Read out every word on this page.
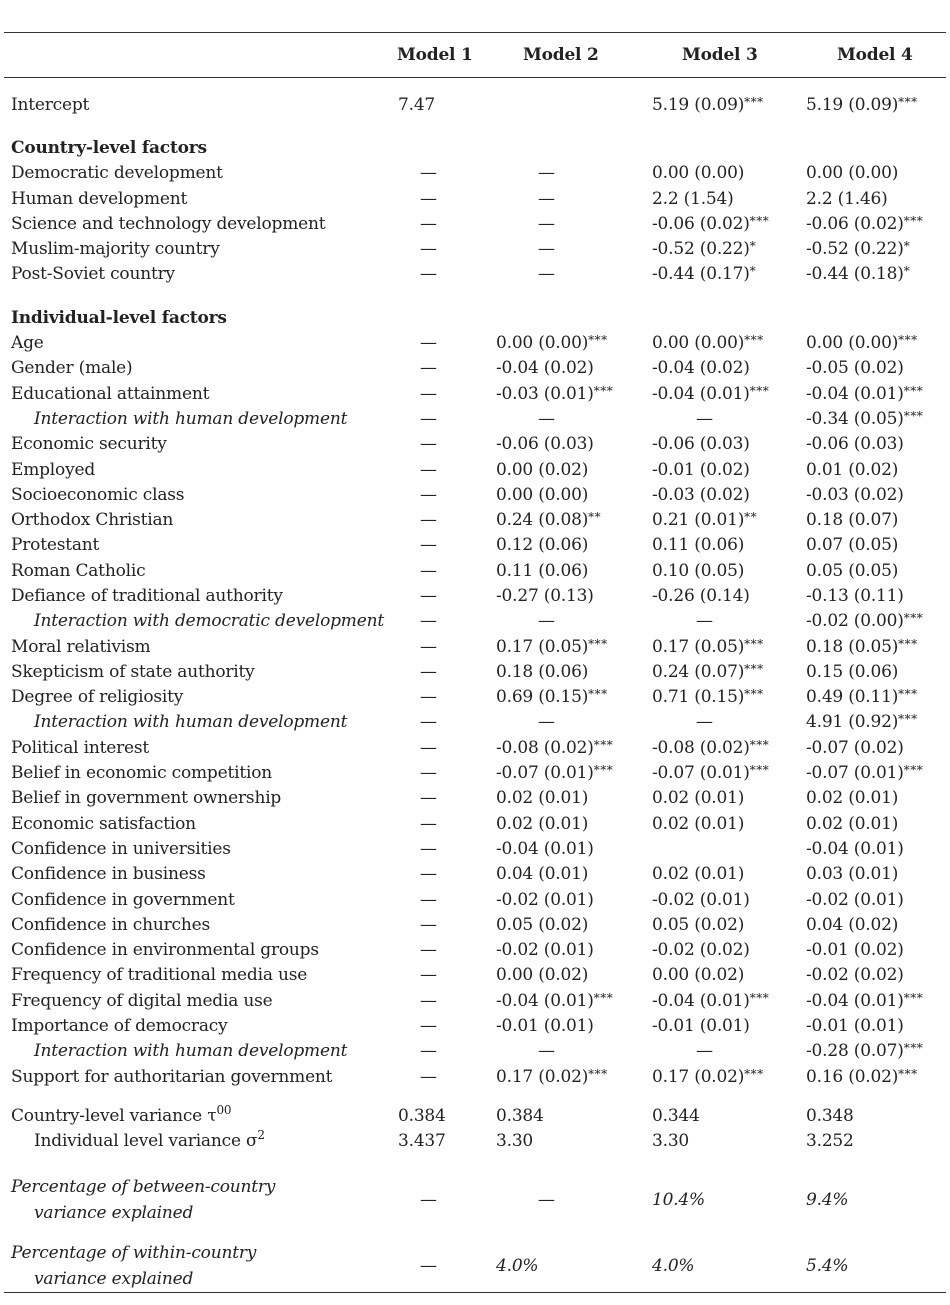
	Model 1	Model 2	Model 3	Model 4

Intercept	7.47		5.19 (0.09)***	5.19 (0.09)***

Country-level factors				
Democratic development	—	—	0.00 (0.00)	0.00 (0.00)
Human development	—	—	2.2 (1.54)	2.2 (1.46)
Science and technology development	—	—	-0.06 (0.02)***	-0.06 (0.02)***
Muslim-majority country	—	—	-0.52 (0.22)*	-0.52 (0.22)*
Post-Soviet country	—	—	-0.44 (0.17)*	-0.44 (0.18)*

Individual-level factors				
Age	—	0.00 (0.00)***	0.00 (0.00)***	0.00 (0.00)***
Gender (male)	—	-0.04 (0.02)	-0.04 (0.02)	-0.05 (0.02)
Educational attainment	—	-0.03 (0.01)***	-0.04 (0.01)***	-0.04 (0.01)***
Interaction with human development	—	—	—	-0.34 (0.05)***
Economic security	—	-0.06 (0.03)	-0.06 (0.03)	-0.06 (0.03)
Employed	—	0.00 (0.02)	-0.01 (0.02)	0.01 (0.02)
Socioeconomic class	—	0.00 (0.00)	-0.03 (0.02)	-0.03 (0.02)
Orthodox Christian	—	0.24 (0.08)**	0.21 (0.01)**	0.18 (0.07)
Protestant	—	0.12 (0.06)	0.11 (0.06)	0.07 (0.05)
Roman Catholic	—	0.11 (0.06)	0.10 (0.05)	0.05 (0.05)
Defiance of traditional authority	—	-0.27 (0.13)	-0.26 (0.14)	-0.13 (0.11)
Interaction with democratic development	—	—	—	-0.02 (0.00)***
Moral relativism	—	0.17 (0.05)***	0.17 (0.05)***	0.18 (0.05)***
Skepticism of state authority	—	0.18 (0.06)	0.24 (0.07)***	0.15 (0.06)
Degree of religiosity	—	0.69 (0.15)***	0.71 (0.15)***	0.49 (0.11)***
Interaction with human development	—	—	—	4.91 (0.92)***
Political interest	—	-0.08 (0.02)***	-0.08 (0.02)***	-0.07 (0.02)
Belief in economic competition	—	-0.07 (0.01)***	-0.07 (0.01)***	-0.07 (0.01)***
Belief in government ownership	—	0.02 (0.01)	0.02 (0.01)	0.02 (0.01)
Economic satisfaction	—	0.02 (0.01)	0.02 (0.01)	0.02 (0.01)
Confidence in universities	—	-0.04 (0.01)		-0.04 (0.01)
Confidence in business	—	0.04 (0.01)	0.02 (0.01)	0.03 (0.01)
Confidence in government	—	-0.02 (0.01)	-0.02 (0.01)	-0.02 (0.01)
Confidence in churches	—	0.05 (0.02)	0.05 (0.02)	0.04 (0.02)
Confidence in environmental groups	—	-0.02 (0.01)	-0.02 (0.02)	-0.01 (0.02)
Frequency of traditional media use	—	0.00 (0.02)	0.00 (0.02)	-0.02 (0.02)
Frequency of digital media use	—	-0.04 (0.01)***	-0.04 (0.01)***	-0.04 (0.01)***
Importance of democracy	—	-0.01 (0.01)	-0.01 (0.01)	-0.01 (0.01)
Interaction with human development	—	—	—	-0.28 (0.07)***
Support for authoritarian government	—	0.17 (0.02)***	0.17 (0.02)***	0.16 (0.02)***

Country-level variance $\tau^{00}$	0.384	0.384	0.344	0.348
Individual level variance $\sigma^2$	3.437	3.30	3.30	3.252

Percentage of between-country
variance explained	—	—	10.4%	9.4%

Percentage of within-country
variance explained	—	4.0%	4.0%	5.4%
